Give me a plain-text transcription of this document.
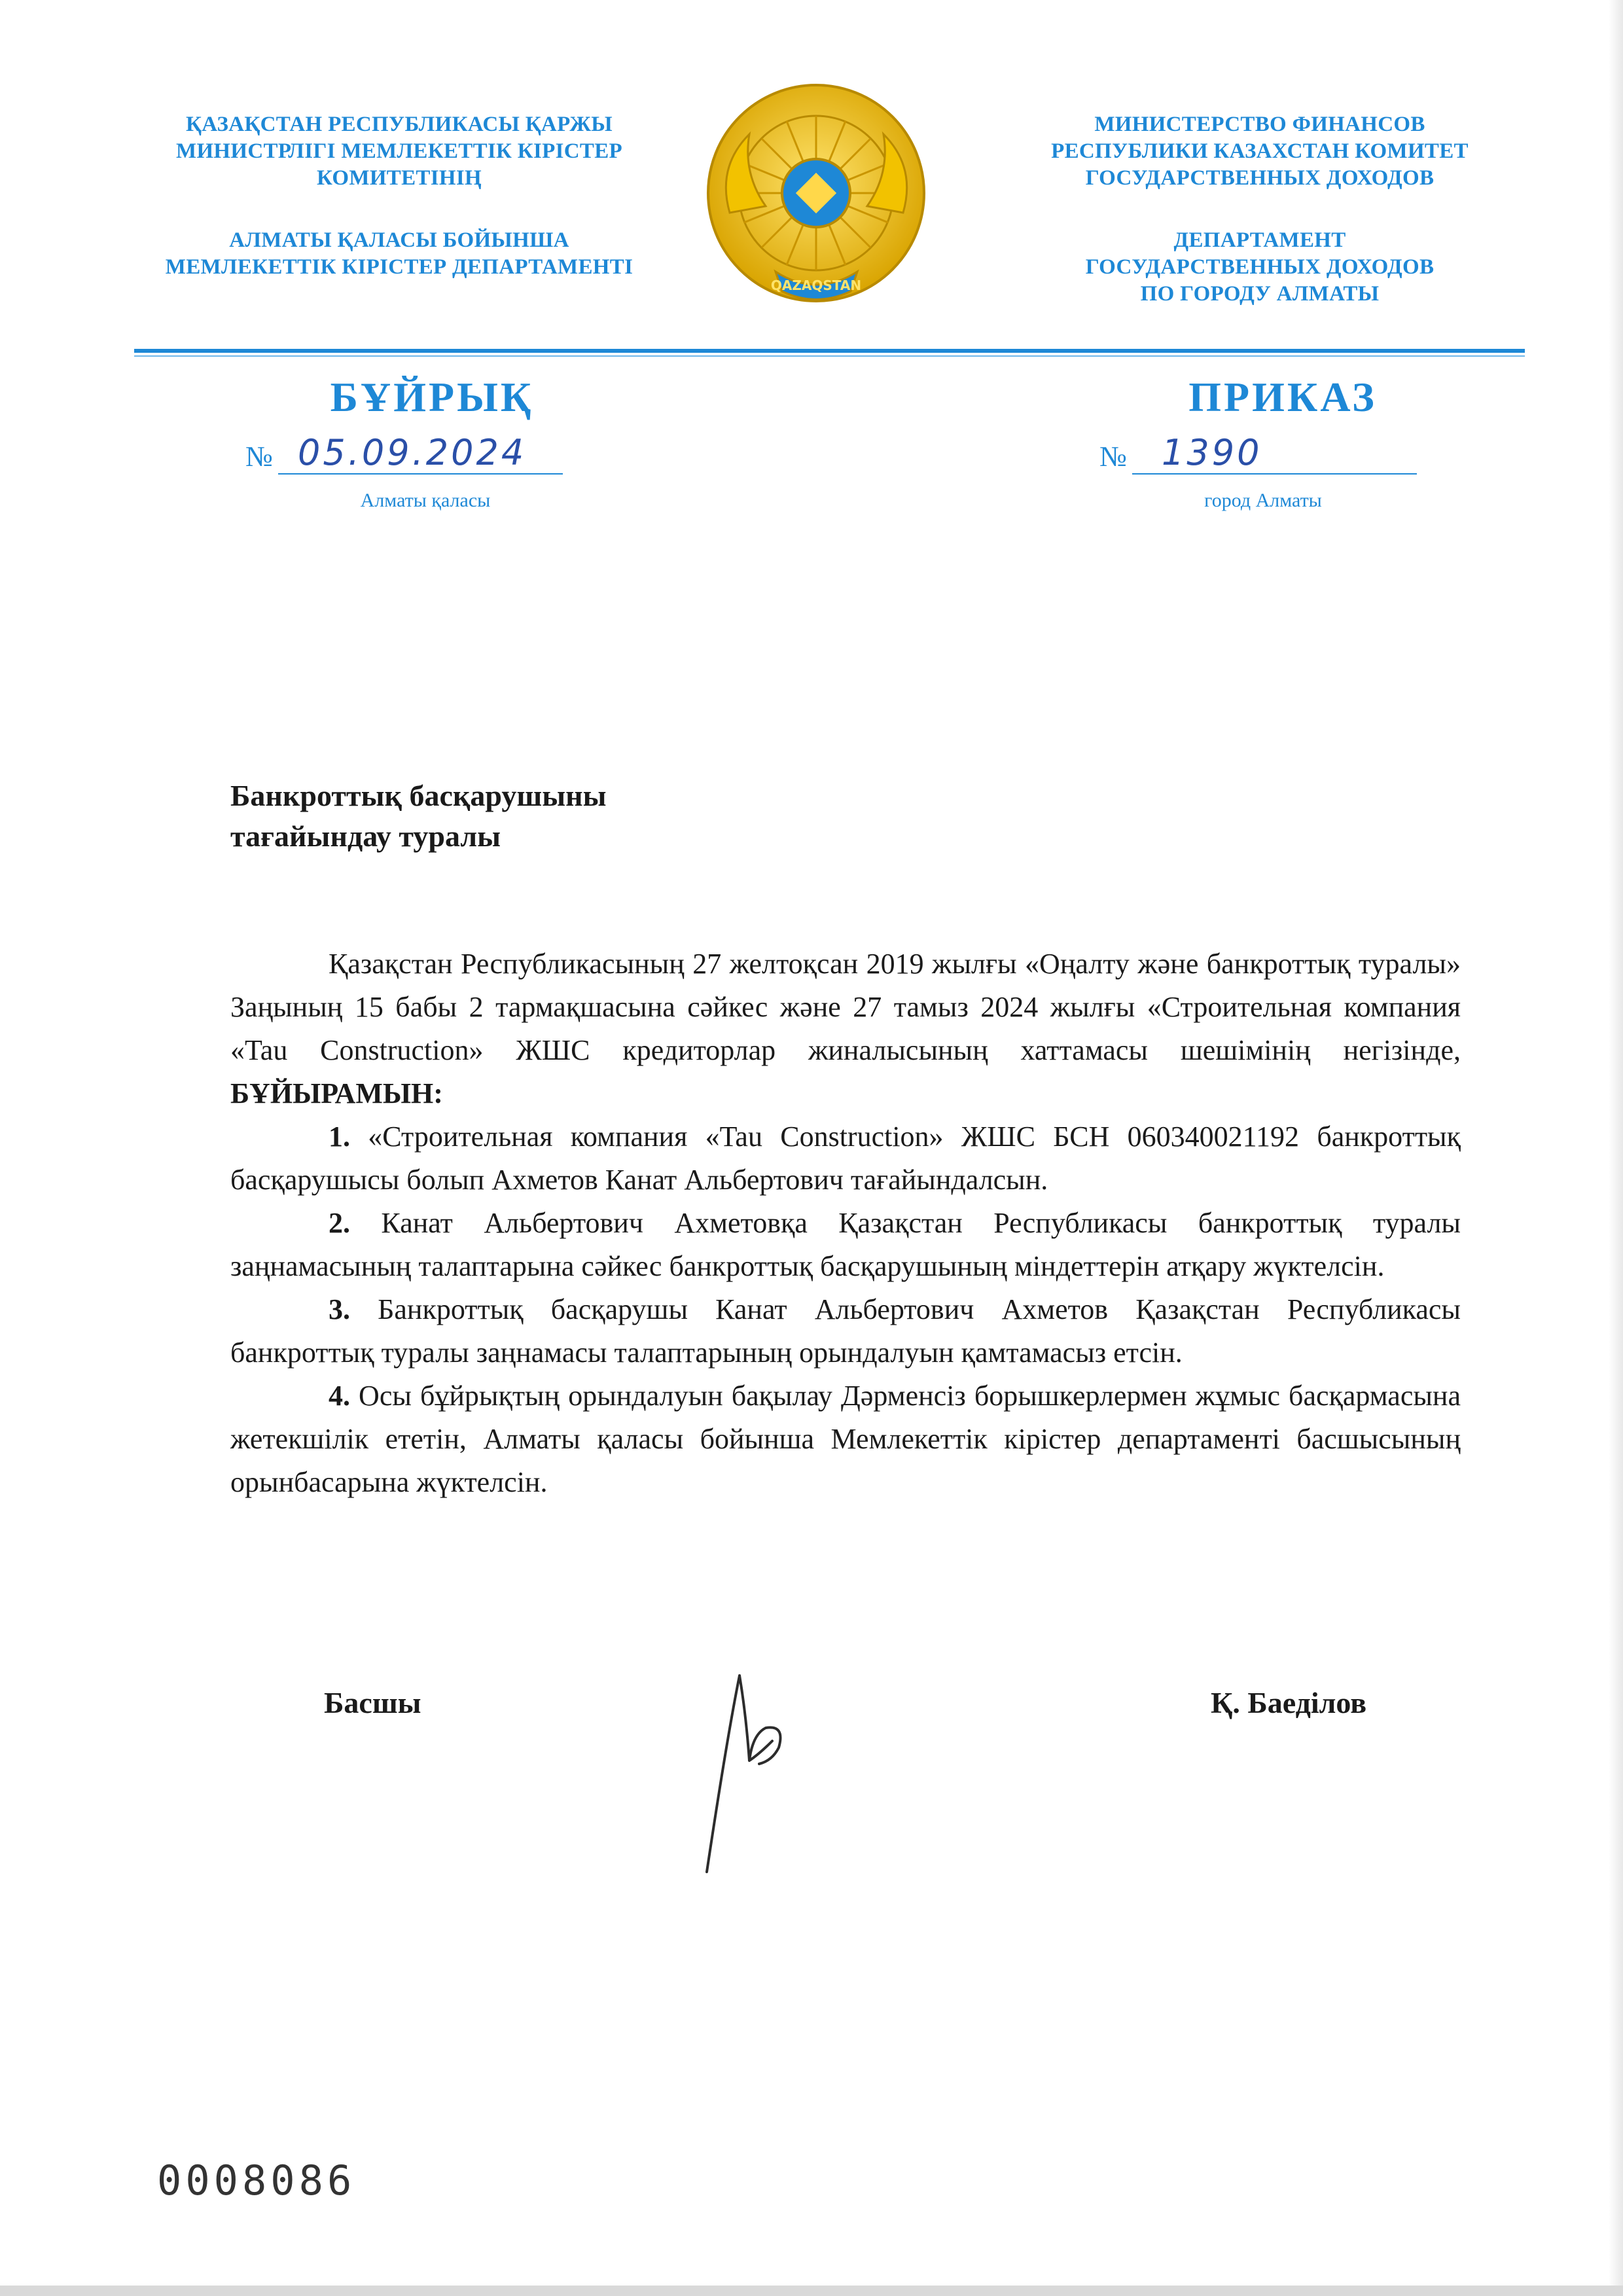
ҚАЗАҚСТАН РЕСПУБЛИКАСЫ ҚАРЖЫ
МИНИСТРЛІГІ МЕМЛЕКЕТТІК КІРІСТЕР
КОМИТЕТІНІҢ
АЛМАТЫ ҚАЛАСЫ БОЙЫНША
МЕМЛЕКЕТТІК КІРІСТЕР ДЕПАРТАМЕНТІ
QAZAQSTAN
МИНИСТЕРСТВО ФИНАНСОВ
РЕСПУБЛИКИ КАЗАХСТАН КОМИТЕТ
ГОСУДАРСТВЕННЫХ ДОХОДОВ
ДЕПАРТАМЕНТ
ГОСУДАРСТВЕННЫХ ДОХОДОВ
ПО ГОРОДУ АЛМАТЫ
БҰЙРЫҚ	ПРИКАЗ
№ 05.09.2024
Алматы қаласы
№ 1390
город Алматы
Банкроттық басқарушыны
тағайындау туралы

Қазақстан Республикасының 27 желтоқсан 2019 жылғы «Оңалту және банкроттық туралы» Заңының 15 бабы 2 тармақшасына сәйкес және 27 тамыз 2024 жылғы «Строительная компания «Tau Construction» ЖШС кредиторлар жиналысының хаттамасы шешімінің негізінде, БҰЙЫРАМЫН:

1. «Строительная компания «Tau Construction» ЖШС БСН 060340021192 банкроттық басқарушысы болып Ахметов Канат Альбертович тағайындалсын.

2. Канат Альбертович Ахметовқа Қазақстан Республикасы банкроттық туралы заңнамасының талаптарына сәйкес банкроттық басқарушының міндеттерін атқару жүктелсін.

3. Банкроттық басқарушы Канат Альбертович Ахметов Қазақстан Республикасы банкроттық туралы заңнамасы талаптарының орындалуын қамтамасыз етсін.

4. Осы бұйрықтың орындалуын бақылау Дәрменсіз борышкерлермен жұмыс басқармасына жетекшілік ететін, Алматы қаласы бойынша Мемлекеттік кірістер департаменті басшысының орынбасарына жүктелсін.

Басшы	Қ. Баеділов
0008086
